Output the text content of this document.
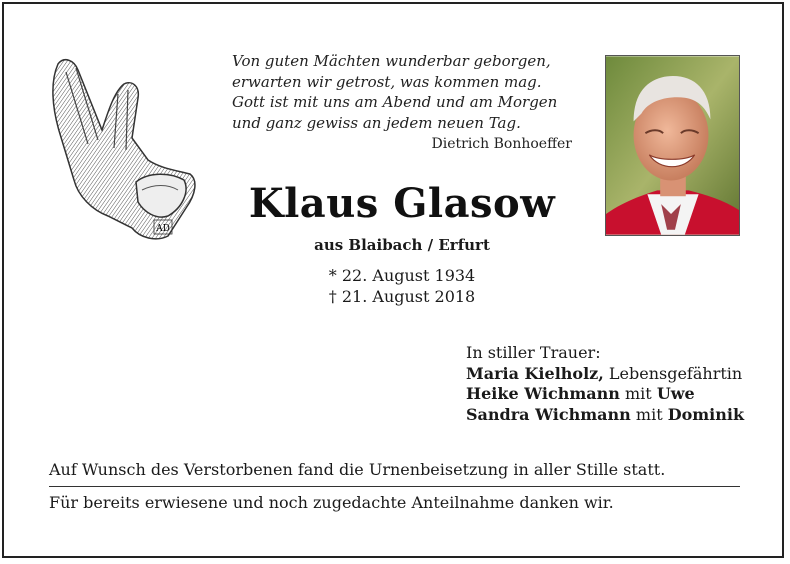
AD
Von guten Mächten wunderbar geborgen,
erwarten wir getrost, was kommen mag.
Gott ist mit uns am Abend und am Morgen
und ganz gewiss an jedem neuen Tag.
Dietrich Bonhoeffer
Klaus Glasow
aus Blaibach / Erfurt
* 22. August 1934
† 21. August 2018
In stiller Trauer:
Maria Kielholz, Lebensgefährtin
Heike Wichmann mit Uwe
Sandra Wichmann mit Dominik
Auf Wunsch des Verstorbenen fand die Urnenbeisetzung in aller Stille statt.
Für bereits erwiesene und noch zugedachte Anteilnahme danken wir.
